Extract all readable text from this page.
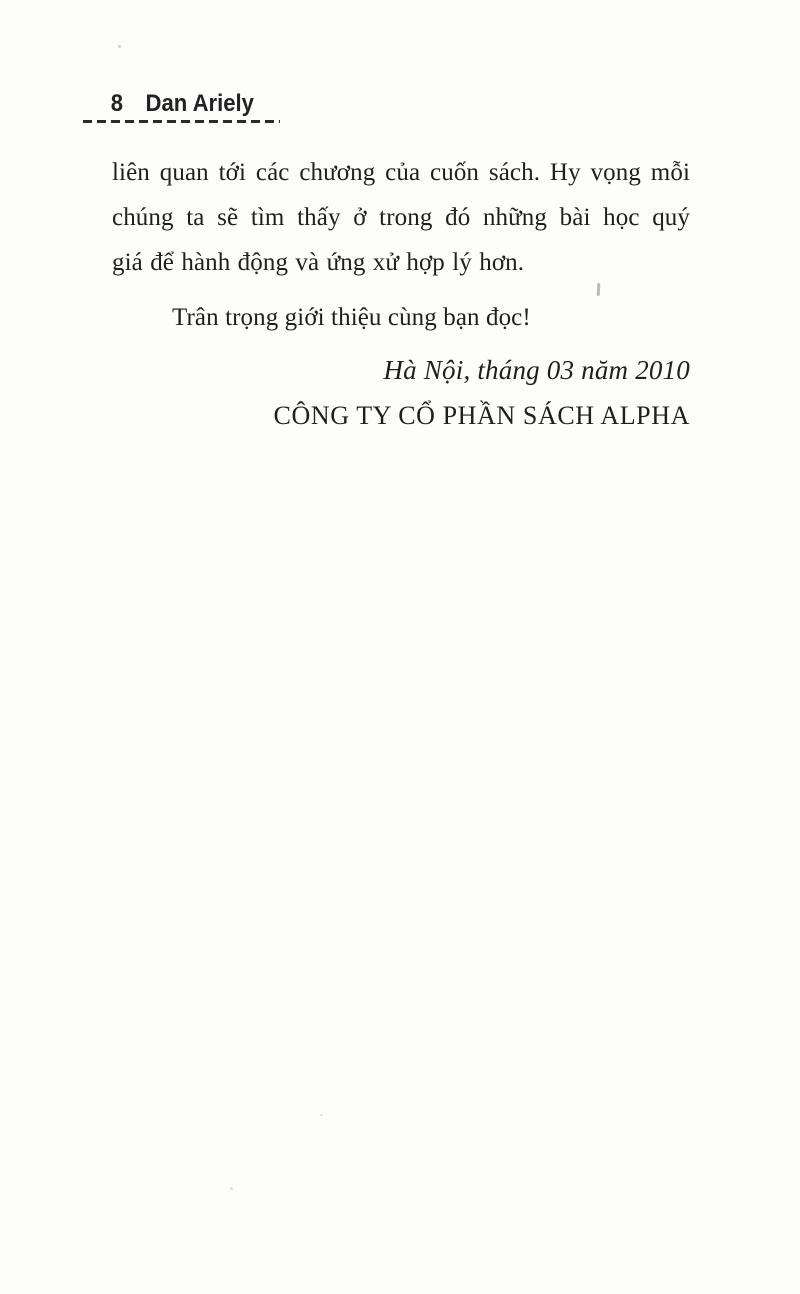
8 Dan Ariely
liên quan tới các chương của cuốn sách. Hy vọng mỗi
chúng ta sẽ tìm thấy ở trong đó những bài học quý
giá để hành động và ứng xử hợp lý hơn.
Trân trọng giới thiệu cùng bạn đọc!
Hà Nội, tháng 03 năm 2010
CÔNG TY CỔ PHẦN SÁCH ALPHA
